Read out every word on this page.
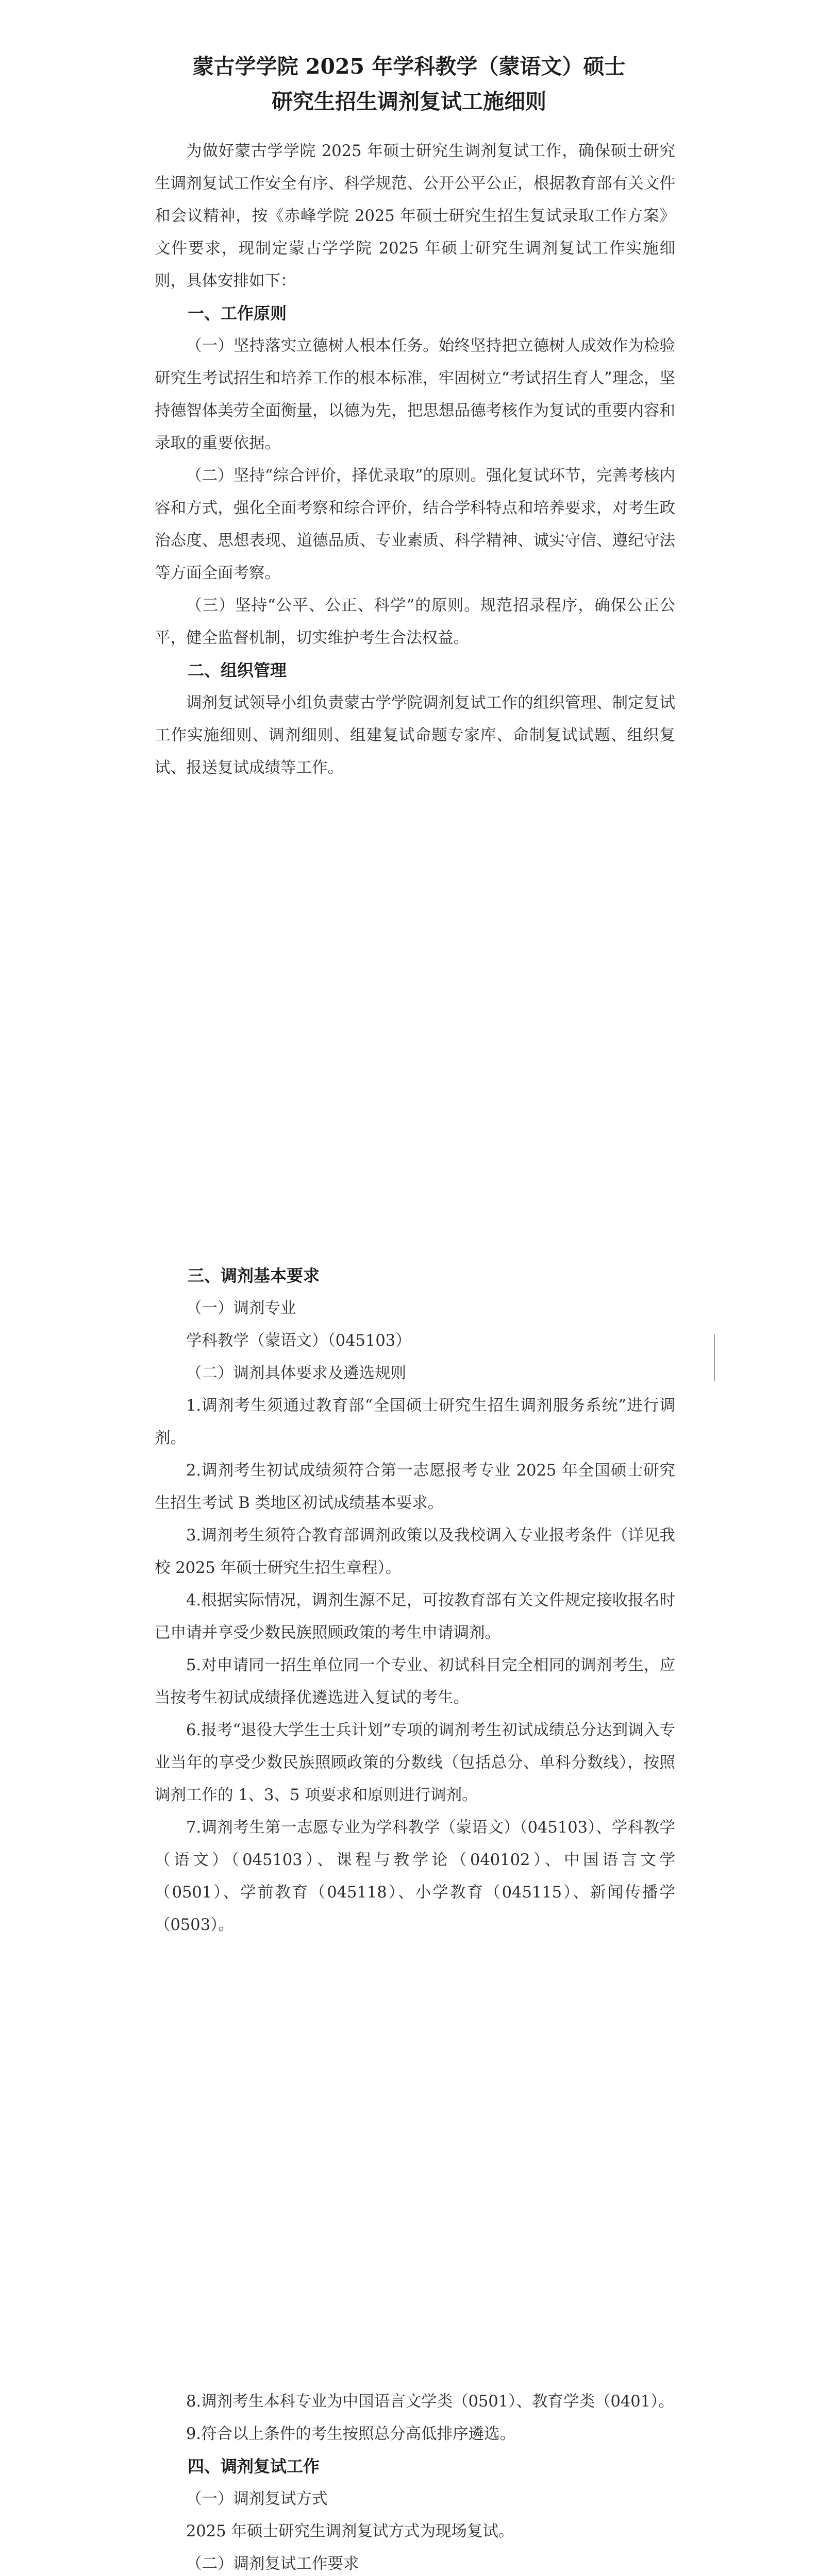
蒙古学学院 2025 年学科教学（蒙语文）硕士
研究生招生调剂复试工施细则

为做好蒙古学学院 2025 年硕士研究生调剂复试工作，确保硕士研究生调剂复试工作安全有序、科学规范、公开公平公正，根据教育部有关文件和会议精神，按《赤峰学院 2025 年硕士研究生招生复试录取工作方案》文件要求，现制定蒙古学学院 2025 年硕士研究生调剂复试工作实施细则，具体安排如下：

一、工作原则

（一）坚持落实立德树人根本任务。始终坚持把立德树人成效作为检验研究生考试招生和培养工作的根本标准，牢固树立“考试招生育人”理念，坚持德智体美劳全面衡量，以德为先，把思想品德考核作为复试的重要内容和录取的重要依据。

（二）坚持“综合评价，择优录取”的原则。强化复试环节，完善考核内容和方式，强化全面考察和综合评价，结合学科特点和培养要求，对考生政治态度、思想表现、道德品质、专业素质、科学精神、诚实守信、遵纪守法等方面全面考察。

（三）坚持“公平、公正、科学”的原则。规范招录程序，确保公正公平，健全监督机制，切实维护考生合法权益。

二、组织管理

调剂复试领导小组负责蒙古学学院调剂复试工作的组织管理、制定复试工作实施细则、调剂细则、组建复试命题专家库、命制复试试题、组织复试、报送复试成绩等工作。

三、调剂基本要求

（一）调剂专业

学科教学（蒙语文）（045103）

（二）调剂具体要求及遴选规则

1.调剂考生须通过教育部“全国硕士研究生招生调剂服务系统”进行调剂。

2.调剂考生初试成绩须符合第一志愿报考专业 2025 年全国硕士研究生招生考试 B 类地区初试成绩基本要求。

3.调剂考生须符合教育部调剂政策以及我校调入专业报考条件（详见我校 2025 年硕士研究生招生章程）。

4.根据实际情况，调剂生源不足，可按教育部有关文件规定接收报名时已申请并享受少数民族照顾政策的考生申请调剂。

5.对申请同一招生单位同一个专业、初试科目完全相同的调剂考生，应当按考生初试成绩择优遴选进入复试的考生。

6.报考“退役大学生士兵计划”专项的调剂考生初试成绩总分达到调入专业当年的享受少数民族照顾政策的分数线（包括总分、单科分数线），按照调剂工作的 1、3、5 项要求和原则进行调剂。

7.调剂考生第一志愿专业为学科教学（蒙语文）（045103）、学科教学（语文）（045103）、课程与教学论（040102）、中国语言文学（0501）、学前教育（045118）、小学教育（045115）、新闻传播学（0503）。

8.调剂考生本科专业为中国语言文学类（0501）、教育学类（0401）。

9.符合以上条件的考生按照总分高低排序遴选。

四、调剂复试工作

（一）调剂复试方式

2025 年硕士研究生调剂复试方式为现场复试。

（二）调剂复试工作要求
